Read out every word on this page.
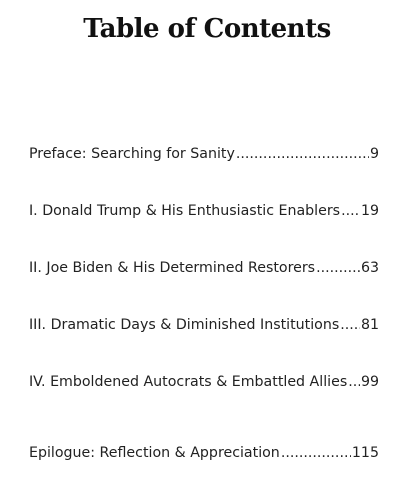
Table of Contents
Preface: Searching for Sanity .....	9
I. Donald Trump & His Enthusiastic Enablers ..... 19
II. Joe Biden & His Determined Restorers .....	63
III. Dramatic Days & Diminished Institutions ..... 81
IV. Emboldened Autocrats & Embattled Allies ..... 99
Epilogue: Reflection & Appreciation .....	115
